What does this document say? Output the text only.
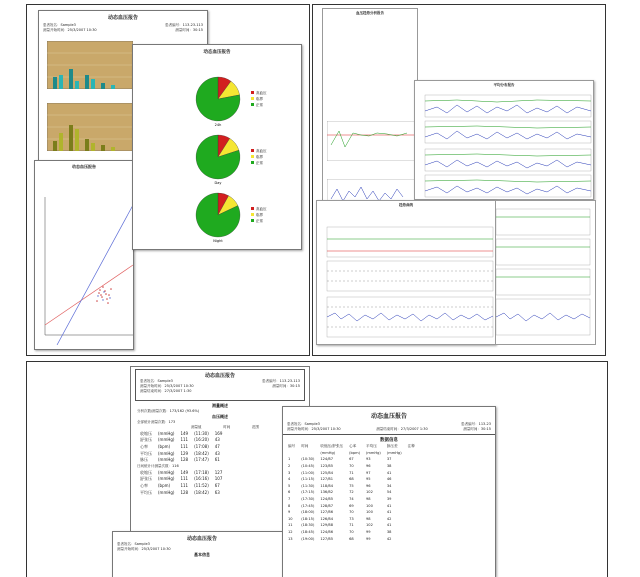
动态血压报告
患者姓名：Sample3	患者编号：113-23-113
测量开始时间：25/3/2007 10:30	测量时间：30:15
动态血压报告
动态血压报告
高血压
临界
正常
24h
高血压
临界
正常
Day
高血压
临界
正常
Night
血压趋势分析报告
平均分布报告
趋势曲线
动态血压报告
患者姓名：Sample3	患者编号：113-23-113
测量开始时间：25/3/2007 10:30	测量时间：30:15
测量结束时间：27/3/2007 1:30
测量概述
分析次数/测量次数：173/162 (93.6%)
血压概述
全部统计测量次数：173
测量值	时间	范围
收缩压	(mmHg)	149	(11:30)	169
舒张压	(mmHg)	111	(16:20)	43
心率	(bpm)	111	(17:08)	47
平均压	(mmHg)	129	(18:42)	43
脉压	(mmHg)	128	(17:47)	61
日间统计计测量次数：116
收缩压	(mmHg)	149	(17:18)	127
舒张压	(mmHg)	111	(16:16)	107
心率	(bpm)	111	(11:52)	67
平均压	(mmHg)	128	(18:42)	63
动态血压报告
患者姓名：Sample3
测量开始时间：25/3/2007 10:30
基本信息
动态血压报告
患者姓名：Sample3	患者编号：113-23
测量开始时间：25/3/2007 10:30	测量结束时间：27/3/2007 1:30	测量时间：30:15
数据信息
编号	时间	收缩压/舒张压	心率	平均压	脉压差	注释
		(mmHg)	(bpm)	(mmHg)	(mmHg)	
1	(10:30)	124/87	67	93	37	
2	(10:45)	123/85	70	96	38	
3	(11:00)	125/84	71	97	41	
4	(11:15)	127/81	68	95	46	
5	(11:30)	118/84	75	96	34	
6	(17:15)	136/82	72	102	54	
7	(17:30)	124/85	74	98	39	
8	(17:45)	128/87	69	100	41	
9	(18:00)	127/86	70	100	41	
10	(18:15)	126/84	73	98	42	
11	(18:30)	129/88	71	102	41	
12	(18:45)	124/86	70	99	38	
13	(19:00)	127/85	68	99	42	
